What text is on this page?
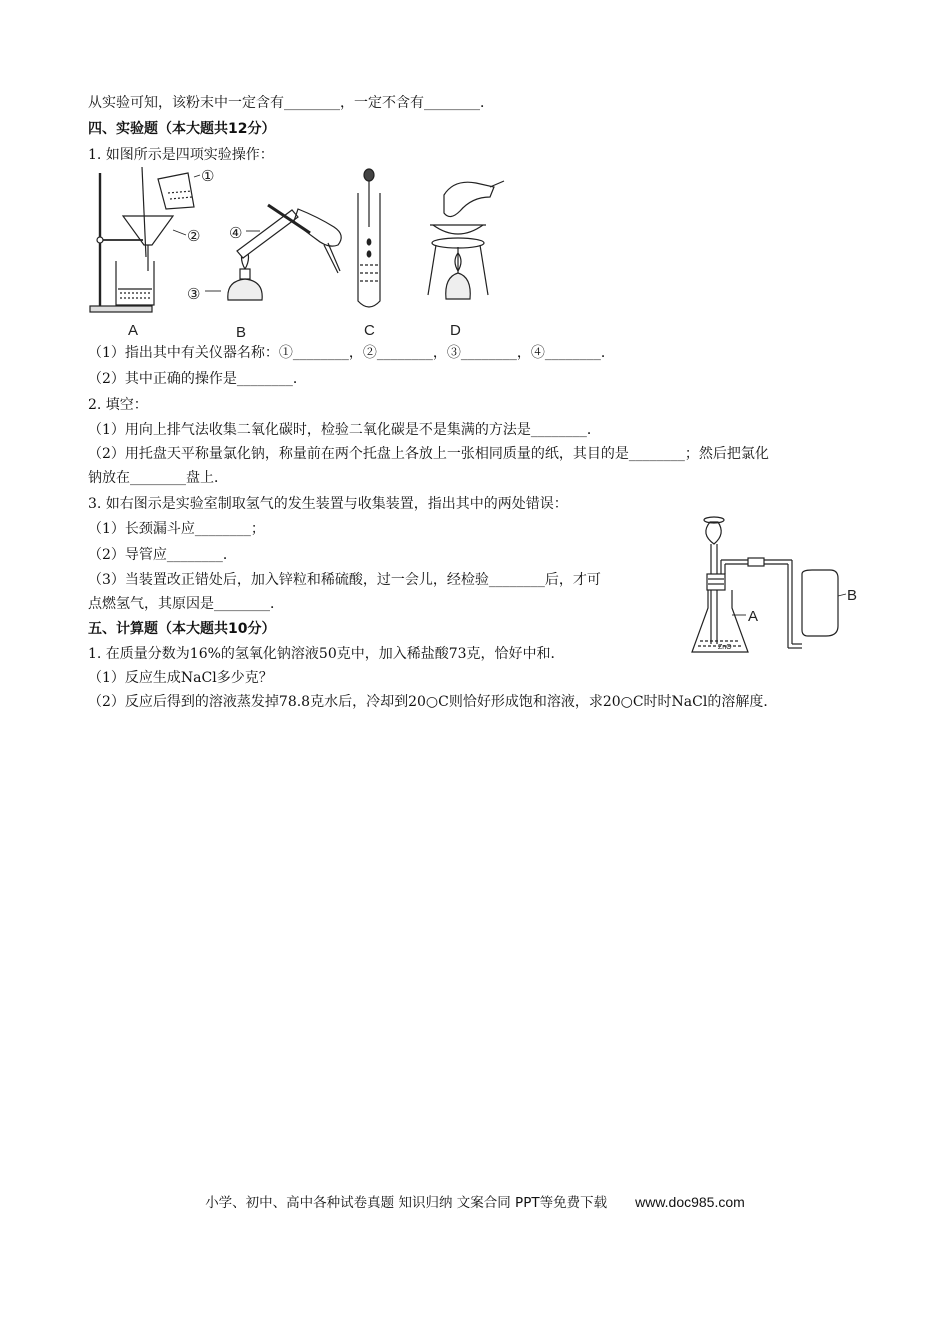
从实验可知，该粉末中一定含有________，一定不含有________．
四、实验题（本大题共12分）
1. 如图所示是四项实验操作：
A	B	C	D
①
②
③
④
（1）指出其中有关仪器名称：①________，②________，③________，④________．
（2）其中正确的操作是________．
2. 填空：
（1）用向上排气法收集二氧化碳时，检验二氧化碳是不是集满的方法是________．
（2）用托盘天平称量氯化钠，称量前在两个托盘上各放上一张相同质量的纸，其目的是________；然后把氯化
钠放在________盘上．
3. 如右图示是实验室制取氢气的发生装置与收集装置，指出其中的两处错误：
（1）长颈漏斗应________；
（2）导管应________．
（3）当装置改正错处后，加入锌粒和稀硫酸，过一会儿，经检验________后，才可
点燃氢气，其原因是________．
ZnO
A
B
五、计算题（本大题共10分）
1. 在质量分数为16%的氢氧化钠溶液50克中，加入稀盐酸73克，恰好中和．
（1）反应生成NaCl多少克？
（2）反应后得到的溶液蒸发掉78.8克水后，冷却到20○C则恰好形成饱和溶液，求20○C时时NaCl的溶解度．
小学、初中、高中各种试卷真题 知识归纳 文案合同 PPT等免费下载 www.doc985.com
